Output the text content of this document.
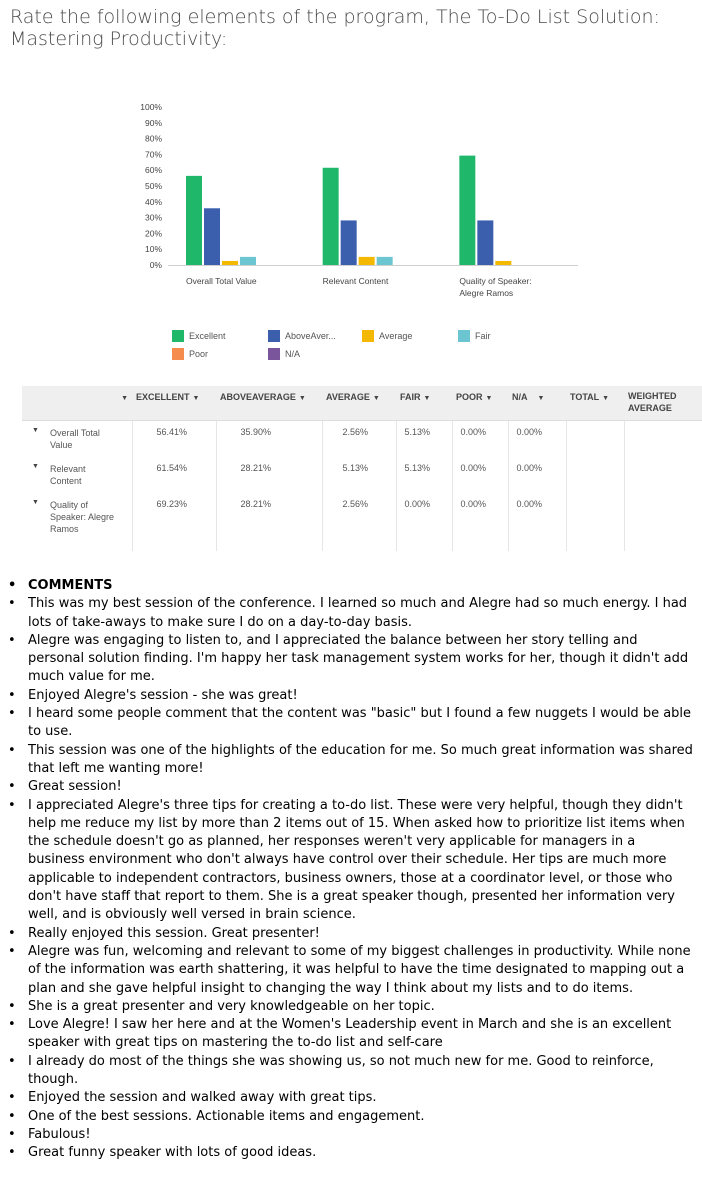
Rate the following elements of the program, The To-Do List Solution: Mastering Productivity:
0%
10%
20%
30%
40%
50%
60%
70%
80%
90%
100%
Overall Total Value	Relevant Content	Quality of Speaker:
Alegre Ramos
Excellent	AboveAver...	Average	Fair
Poor	N/A
▼	EXCELLENT ▼	ABOVEAVERAGE ▼	AVERAGE ▼	FAIR ▼	POOR ▼	N/A ▼	TOTAL ▼	WEIGHTED AVERAGE
▼ Overall Total Value	56.41%	35.90%	2.56%	5.13%	0.00%	0.00%		
▼ Relevant Content	61.54%	28.21%	5.13%	5.13%	0.00%	0.00%		
▼ Quality of Speaker: Alegre Ramos	69.23%	28.21%	2.56%	0.00%	0.00%	0.00%		
• COMMENTS
• This was my best session of the conference. I learned so much and Alegre had so much energy. I had lots of take-aways to make sure I do on a day-to-day basis.
• Alegre was engaging to listen to, and I appreciated the balance between her story telling and personal solution finding. I'm happy her task management system works for her, though it didn't add much value for me.
• Enjoyed Alegre's session - she was great!
• I heard some people comment that the content was "basic" but I found a few nuggets I would be able to use.
• This session was one of the highlights of the education for me. So much great information was shared that left me wanting more!
• Great session!
• I appreciated Alegre's three tips for creating a to-do list. These were very helpful, though they didn't help me reduce my list by more than 2 items out of 15. When asked how to prioritize list items when the schedule doesn't go as planned, her responses weren't very applicable for managers in a business environment who don't always have control over their schedule. Her tips are much more applicable to independent contractors, business owners, those at a coordinator level, or those who don't have staff that report to them. She is a great speaker though, presented her information very well, and is obviously well versed in brain science.
• Really enjoyed this session. Great presenter!
• Alegre was fun, welcoming and relevant to some of my biggest challenges in productivity. While none of the information was earth shattering, it was helpful to have the time designated to mapping out a plan and she gave helpful insight to changing the way I think about my lists and to do items.
• She is a great presenter and very knowledgeable on her topic.
• Love Alegre! I saw her here and at the Women's Leadership event in March and she is an excellent speaker with great tips on mastering the to-do list and self-care
• I already do most of the things she was showing us, so not much new for me. Good to reinforce, though.
• Enjoyed the session and walked away with great tips.
• One of the best sessions. Actionable items and engagement.
• Fabulous!
• Great funny speaker with lots of good ideas.
